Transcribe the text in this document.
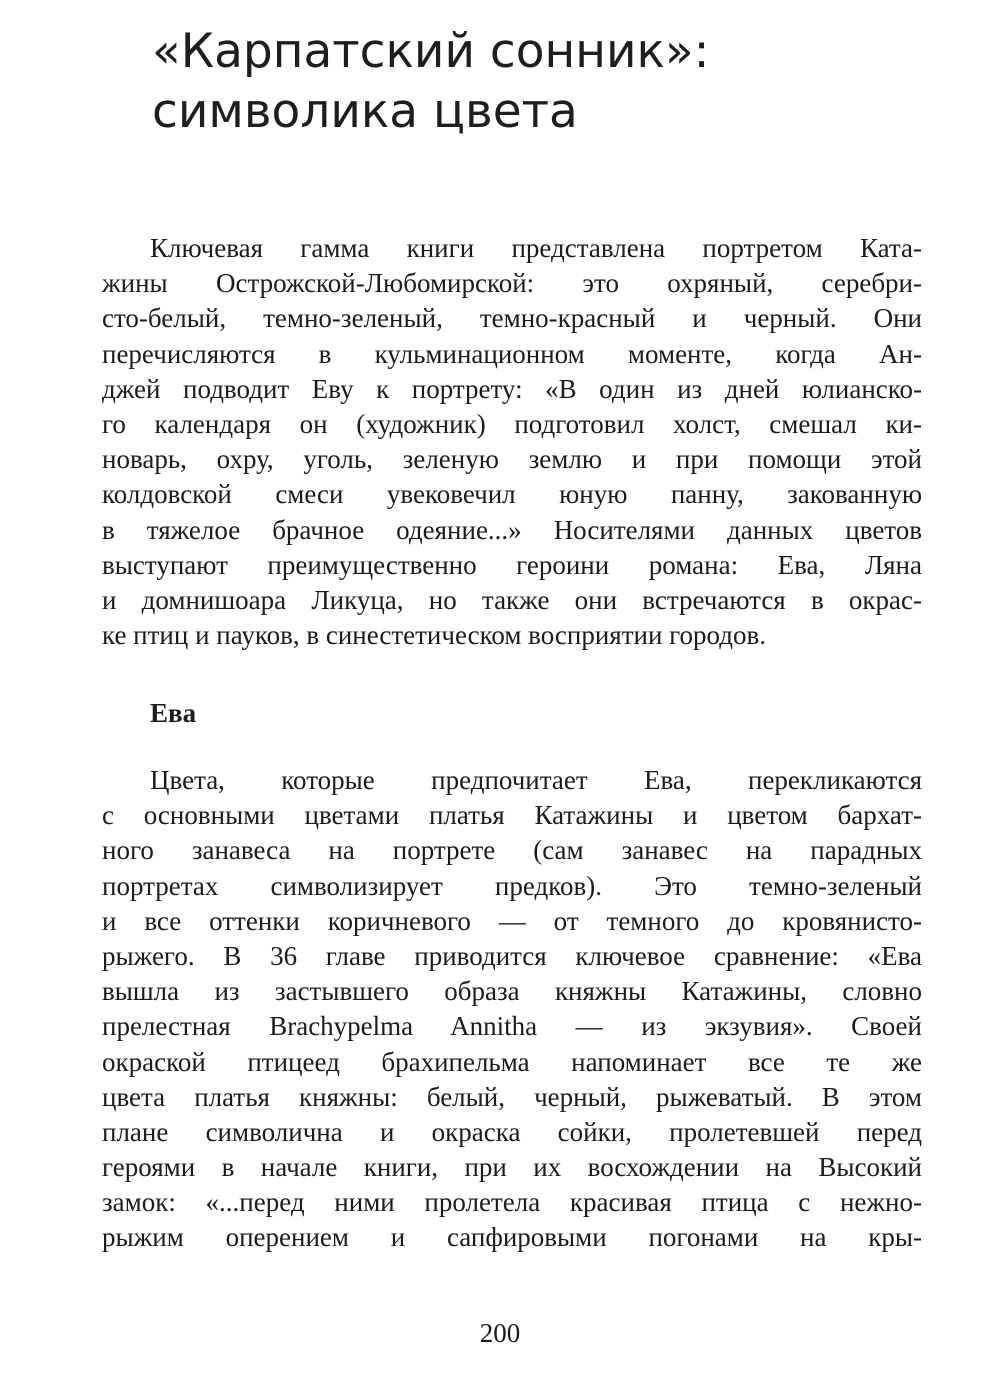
«Карпатский сонник»:
символика цвета
Ключевая гамма книги представлена портретом Ката-
жины Острожской-Любомирской: это охряный, серебри-
сто-белый, темно-зеленый, темно-красный и черный. Они
перечисляются в кульминационном моменте, когда Ан-
джей подводит Еву к портрету: «В один из дней юлианско-
го календаря он (художник) подготовил холст, смешал ки-
новарь, охру, уголь, зеленую землю и при помощи этой
колдовской смеси увековечил юную панну, закованную
в тяжелое брачное одеяние...» Носителями данных цветов
выступают преимущественно героини романа: Ева, Ляна
и домнишоара Ликуца, но также они встречаются в окрас-
ке птиц и пауков, в синестетическом восприятии городов.
Ева
Цвета, которые предпочитает Ева, перекликаются
с основными цветами платья Катажины и цветом бархат-
ного занавеса на портрете (сам занавес на парадных
портретах символизирует предков). Это темно-зеленый
и все оттенки коричневого — от темного до кровянисто-
рыжего. В 36 главе приводится ключевое сравнение: «Ева
вышла из застывшего образа княжны Катажины, словно
прелестная Brachypelma Annitha — из экзувия». Своей
окраской птицеед брахипельма напоминает все те же
цвета платья княжны: белый, черный, рыжеватый. В этом
плане символична и окраска сойки, пролетевшей перед
героями в начале книги, при их восхождении на Высокий
замок: «...перед ними пролетела красивая птица с нежно-
рыжим оперением и сапфировыми погонами на кры-
200
